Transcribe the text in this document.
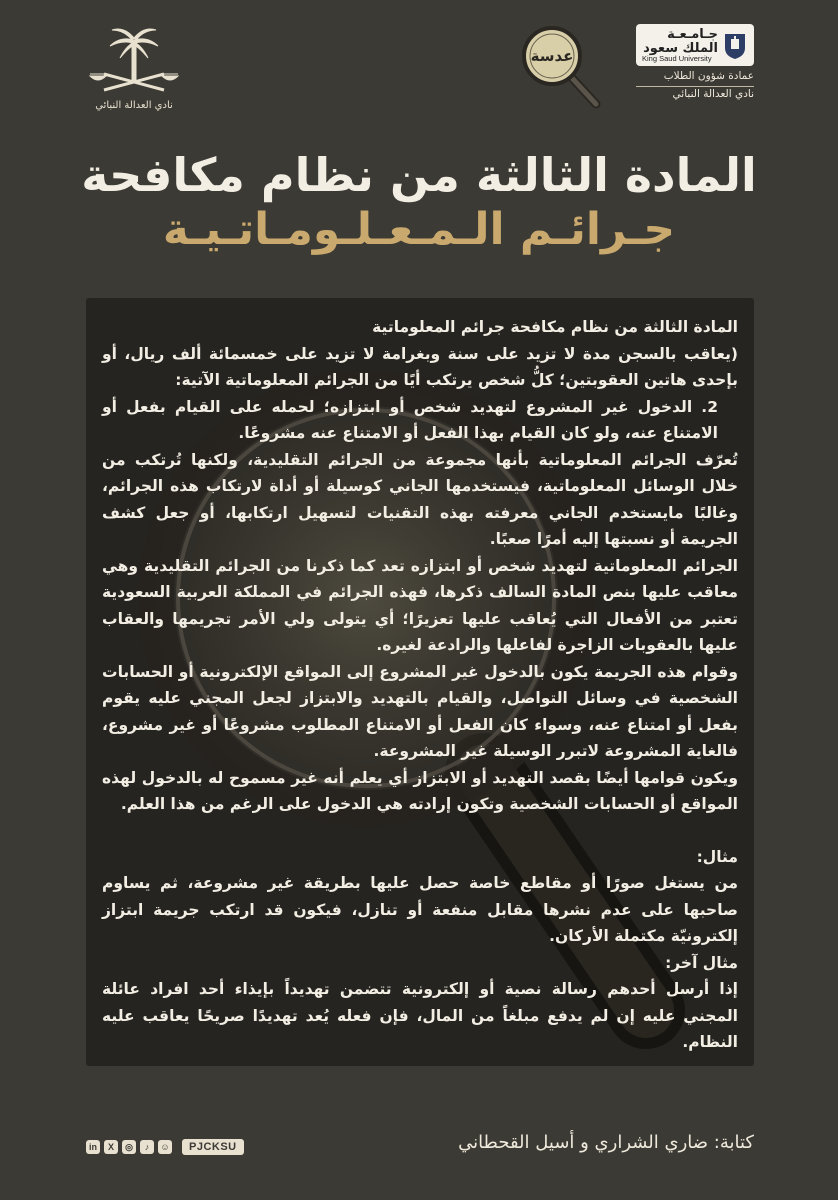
نادي العدالة النبائي
عدسة
جـامـعـة
الملك سعود
King Saud University
عمادة شؤون الطلاب
نادي العدالة النبائي
المادة الثالثة من نظام مكافحة
جـرائـم الـمـعـلـومـاتـيـة

المادة الثالثة من نظام مكافحة جرائم المعلوماتية

(يعاقب بالسجن مدة لا تزيد على سنة وبغرامة لا تزيد على خمسمائة ألف ريال، أو بإحدى هاتين العقوبتين؛ كلُّ شخص يرتكب أيًا من الجرائم المعلوماتية الآتية:

2. الدخول غير المشروع لتهديد شخص أو ابتزازه؛ لحمله على القيام بفعل أو الامتناع عنه، ولو كان القيام بهذا الفعل أو الامتناع عنه مشروعًا.

تُعرّف الجرائم المعلوماتية بأنها مجموعة من الجرائم التقليدية، ولكنها تُرتكب من خلال الوسائل المعلوماتية، فيستخدمها الجاني كوسيلة أو أداة لارتكاب هذه الجرائم، وغالبًا مايستخدم الجاني معرفته بهذه التقنيات لتسهيل ارتكابها، أو جعل كشف الجريمة أو نسبتها إليه أمرًا صعبًا.

الجرائم المعلوماتية لتهديد شخص أو ابتزازه تعد كما ذكرنا من الجرائم التقليدية وهي معاقب عليها بنص المادة السالف ذكرها، فهذه الجرائم في المملكة العربية السعودية تعتبر من الأفعال التي يُعاقب عليها تعزيرًا؛ أي يتولى ولي الأمر تجريمها والعقاب عليها بالعقوبات الزاجرة لفاعلها والرادعة لغيره.

وقوام هذه الجريمة يكون بالدخول غير المشروع إلى المواقع الإلكترونية أو الحسابات الشخصية في وسائل التواصل، والقيام بالتهديد والابتزاز لجعل المجني عليه يقوم بفعل أو امتناع عنه، وسواء كان الفعل أو الامتناع المطلوب مشروعًا أو غير مشروع، فالغاية المشروعة لاتبرر الوسيلة غير المشروعة.

ويكون قوامها أيضًا بقصد التهديد أو الابتزاز أي يعلم أنه غير مسموح له بالدخول لهذه المواقع أو الحسابات الشخصية وتكون إرادته هي الدخول على الرغم من هذا العلم.

مثال:

من يستغل صورًا أو مقاطع خاصة حصل عليها بطريقة غير مشروعة، ثم يساوم صاحبها على عدم نشرها مقابل منفعة أو تنازل، فيكون قد ارتكب جريمة ابتزاز إلكترونيّة مكتملة الأركان.

مثال آخر:

إذا أرسل أحدهم رسالة نصية أو إلكترونية تتضمن تهديداً بإيذاء أحد افراد عائلة المجني عليه إن لم يدفع مبلغاً من المال، فإن فعله يُعد تهديدًا صريحًا يعاقب عليه النظام.

in	X	◎	♪	☺	PJCKSU	كتابة: ضاري الشراري و أسيل القحطاني
